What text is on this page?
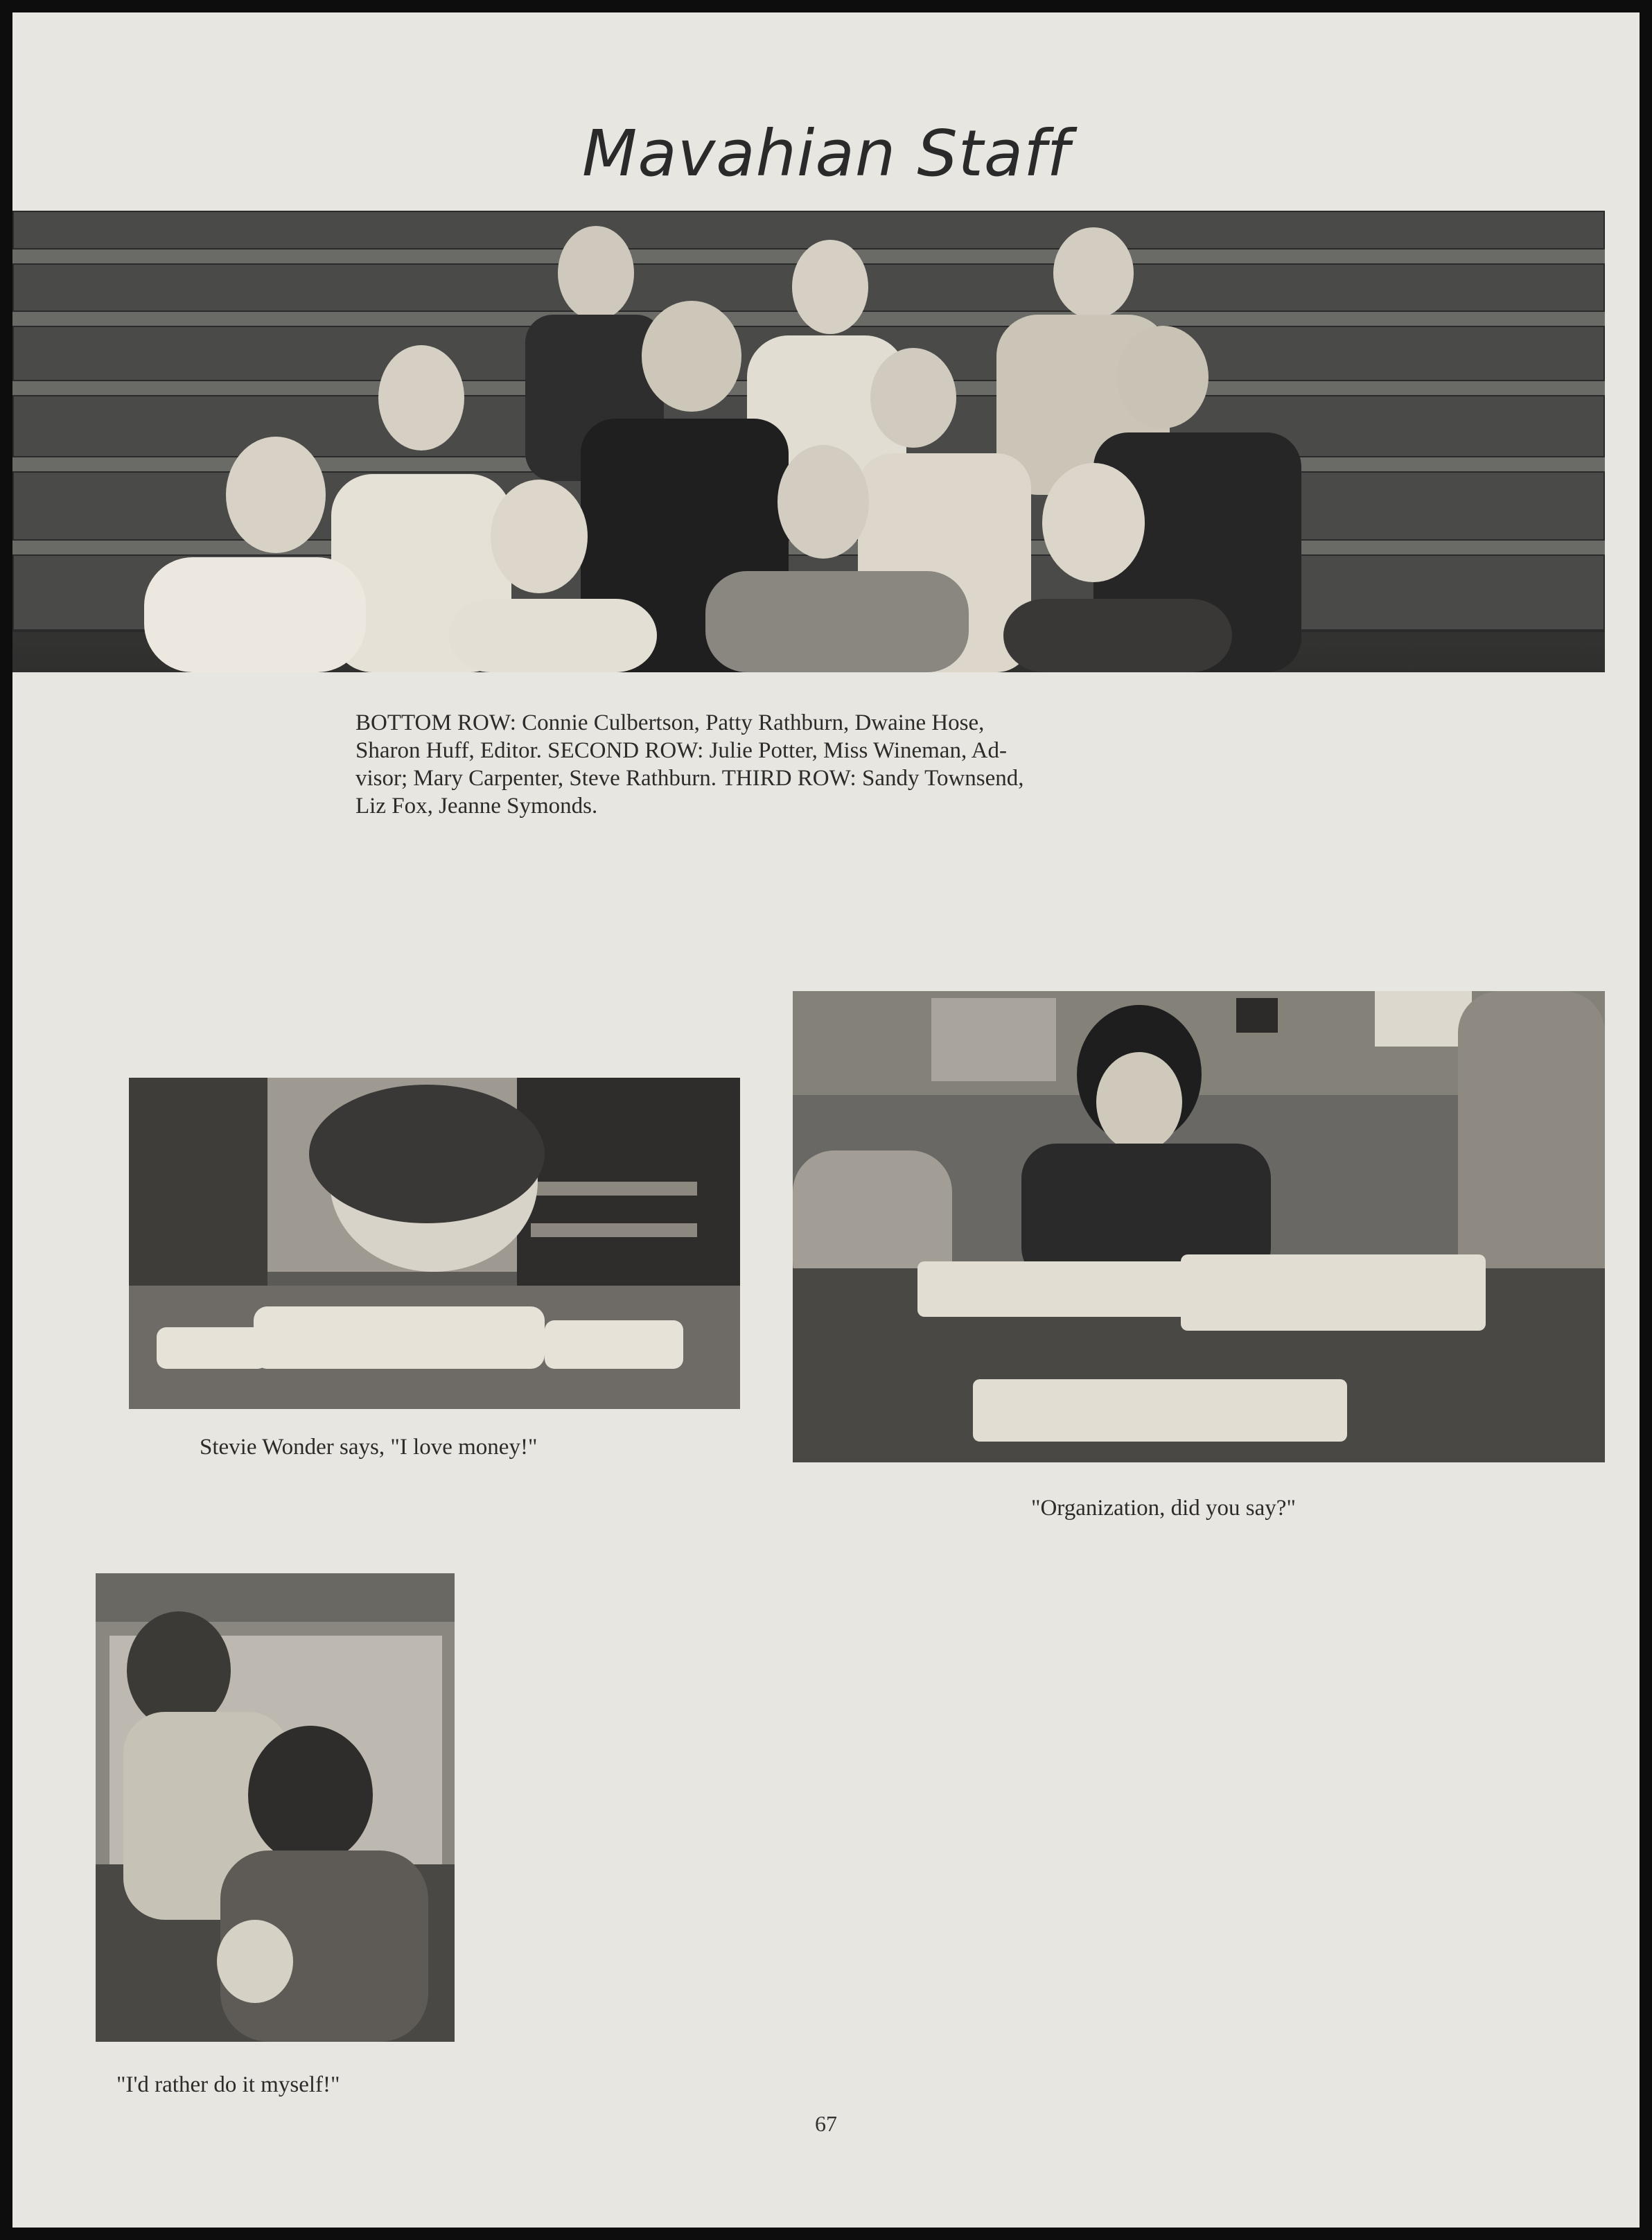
Mavahian Staff
BOTTOM ROW: Connie Culbertson, Patty Rathburn, Dwaine Hose,
Sharon Huff, Editor. SECOND ROW: Julie Potter, Miss Wineman, Ad-
visor; Mary Carpenter, Steve Rathburn. THIRD ROW: Sandy Townsend,
Liz Fox, Jeanne Symonds.
Stevie Wonder says, "I love money!"
"Organization, did you say?"
"I'd rather do it myself!"
67
